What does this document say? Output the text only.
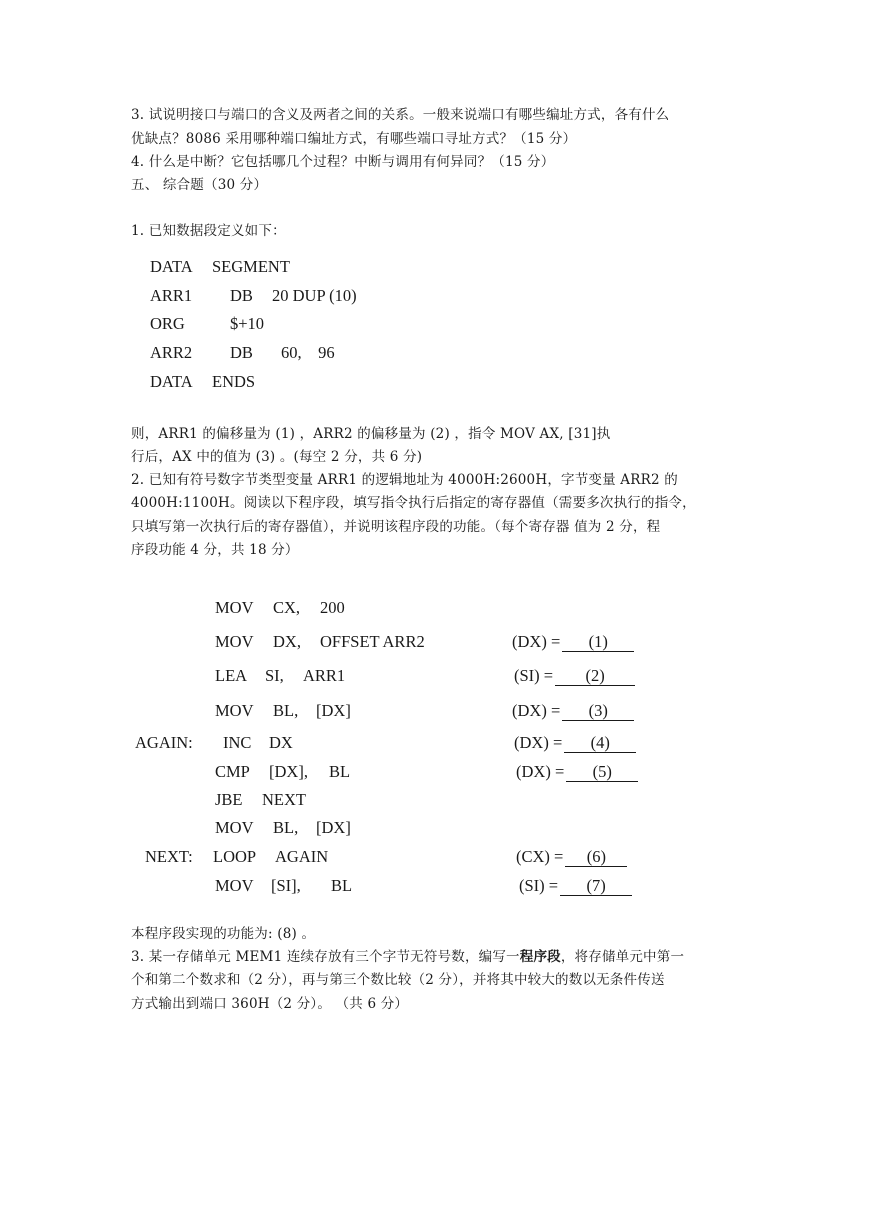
3. 试说明接口与端口的含义及两者之间的关系。一般来说端口有哪些编址方式，各有什么
优缺点？8086 采用哪种端口编址方式，有哪些端口寻址方式？（15 分）
4. 什么是中断？它包括哪几个过程？中断与调用有何异同？（15 分）
五、 综合题（30 分）
1. 已知数据段定义如下：
DATA SEGMENT
ARR1 DB 20 DUP (10)
ORG	$+10
ARR2 DB 60,    96
DATA ENDS
则，ARR1 的偏移量为 (1) ，ARR2 的偏移量为 (2) ，指令 MOV AX, [31]执
行后，AX 中的值为 (3) 。(每空 2 分，共 6 分)
2. 已知有符号数字节类型变量 ARR1 的逻辑地址为 4000H:2600H，字节变量 ARR2 的
4000H:1100H。阅读以下程序段，填写指令执行后指定的寄存器值（需要多次执行的指令，
只填写第一次执行后的寄存器值），并说明该程序段的功能。（每个寄存器 值为 2 分，程
序段功能 4 分，共 18 分）
MOV CX, 200
MOV DX, OFFSET ARR2	(DX) = (1)
LEA SI, ARR1	(SI) = (2)
MOV BL, [DX]	(DX) = (3)
AGAIN: INC DX	(DX) = (4)
CMP [DX], BL	(DX) = (5)
JBE NEXT
MOV BL, [DX]
NEXT: LOOP AGAIN	(CX) = (6)
MOV [SI], BL	(SI) = (7)
本程序段实现的功能为: (8) 。
3. 某一存储单元 MEM1 连续存放有三个字节无符号数，编写一程序段，将存储单元中第一
个和第二个数求和（2 分），再与第三个数比较（2 分），并将其中较大的数以无条件传送
方式输出到端口 360H（2 分）。 （共 6 分）
